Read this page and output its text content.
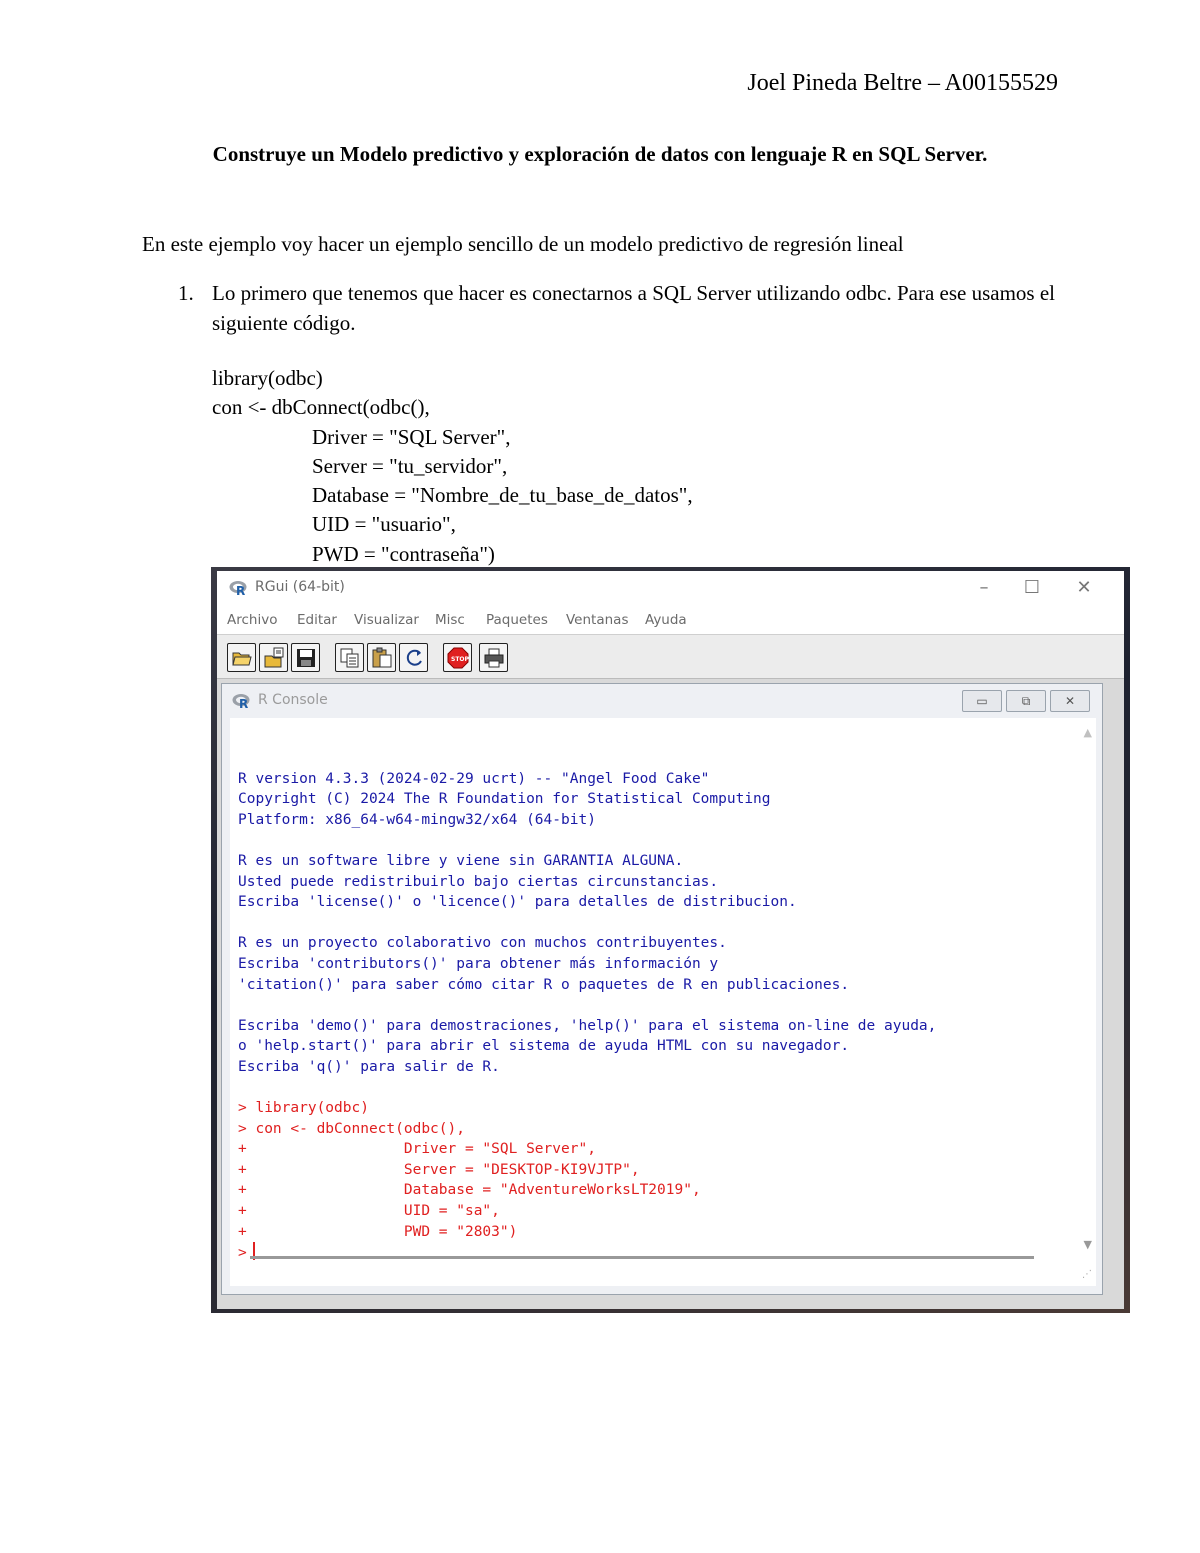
Joel Pineda Beltre – A00155529
Construye un Modelo predictivo y exploración de datos con lenguaje R en SQL Server.
En este ejemplo voy hacer un ejemplo sencillo de un modelo predictivo de regresión lineal
1. Lo primero que tenemos que hacer es conectarnos a SQL Server utilizando odbc. Para ese usamos el siguiente código.
library(odbc)
con <- dbConnect(odbc(),
Driver = "SQL Server",
Server = "tu_servidor",
Database = "Nombre_de_tu_base_de_datos",
UID = "usuario",
PWD = "contraseña")
R RGui (64-bit)	–	☐	✕
Archivo Editar Visualizar Misc Paquetes Ventanas Ayuda
STOP
R R Console	▭	⧉	✕

R version 4.3.3 (2024-02-29 ucrt) -- "Angel Food Cake"
Copyright (C) 2024 The R Foundation for Statistical Computing
Platform: x86_64-w64-mingw32/x64 (64-bit)

R es un software libre y viene sin GARANTIA ALGUNA.
Usted puede redistribuirlo bajo ciertas circunstancias.
Escriba 'license()' o 'licence()' para detalles de distribucion.

R es un proyecto colaborativo con muchos contribuyentes.
Escriba 'contributors()' para obtener más información y
'citation()' para saber cómo citar R o paquetes de R en publicaciones.

Escriba 'demo()' para demostraciones, 'help()' para el sistema on-line de ayuda,
o 'help.start()' para abrir el sistema de ayuda HTML con su navegador.
Escriba 'q()' para salir de R.

> library(odbc)
> con <- dbConnect(odbc(),
+                  Driver = "SQL Server",
+                  Server = "DESKTOP-KI9VJTP",
+                  Database = "AdventureWorksLT2019",
+                  UID = "sa",
+                  PWD = "2803")
>

▲
▼
⋰
